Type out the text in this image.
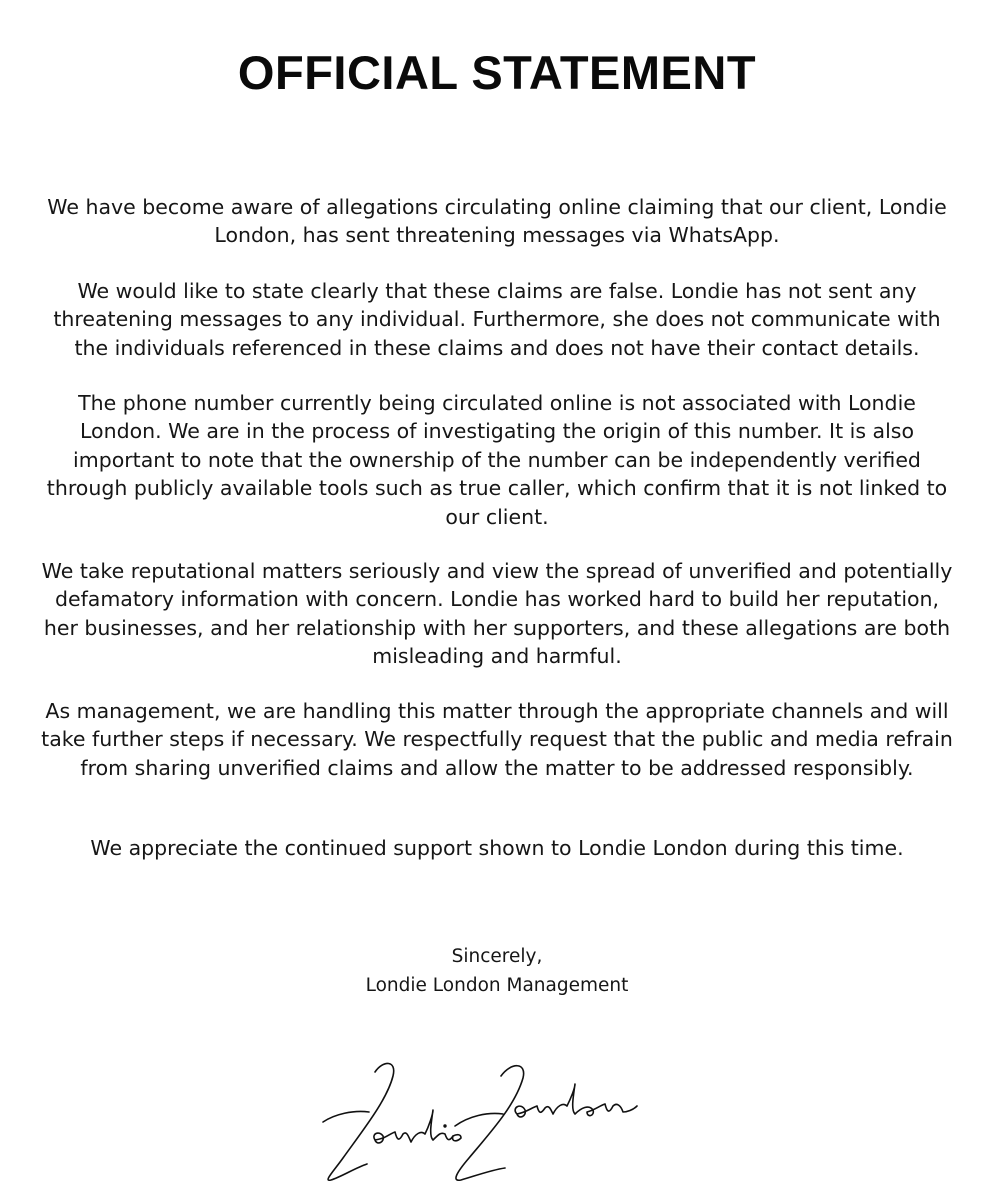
OFFICIAL STATEMENT

We have become aware of allegations circulating online claiming that our client, Londie London, has sent threatening messages via WhatsApp.

We would like to state clearly that these claims are false. Londie has not sent any threatening messages to any individual. Furthermore, she does not communicate with the individuals referenced in these claims and does not have their contact details.

The phone number currently being circulated online is not associated with Londie London. We are in the process of investigating the origin of this number. It is also important to note that the ownership of the number can be independently verified through publicly available tools such as true caller, which confirm that it is not linked to our client.

We take reputational matters seriously and view the spread of unverified and potentially defamatory information with concern. Londie has worked hard to build her reputation, her businesses, and her relationship with her supporters, and these allegations are both misleading and harmful.

As management, we are handling this matter through the appropriate channels and will take further steps if necessary. We respectfully request that the public and media refrain from sharing unverified claims and allow the matter to be addressed responsibly.

We appreciate the continued support shown to Londie London during this time.

Sincerely,
Londie London Management
